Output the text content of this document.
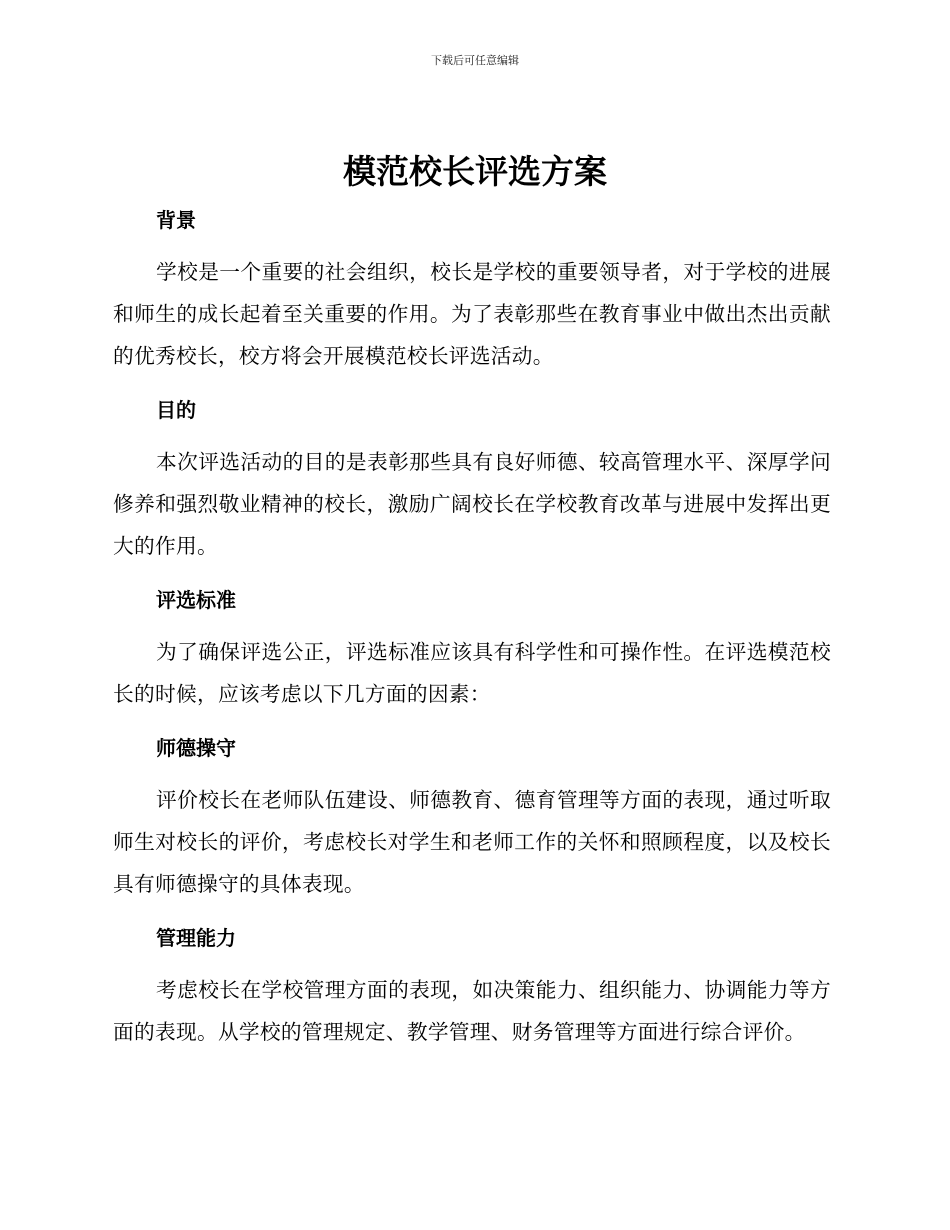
下载后可任意编辑
模范校长评选方案
背景

学校是一个重要的社会组织，校长是学校的重要领导者，对于学校的进展和师生的成长起着至关重要的作用。为了表彰那些在教育事业中做出杰出贡献的优秀校长，校方将会开展模范校长评选活动。

目的

本次评选活动的目的是表彰那些具有良好师德、较高管理水平、深厚学问修养和强烈敬业精神的校长，激励广阔校长在学校教育改革与进展中发挥出更大的作用。

评选标准

为了确保评选公正，评选标准应该具有科学性和可操作性。在评选模范校长的时候，应该考虑以下几方面的因素：

师德操守

评价校长在老师队伍建设、师德教育、德育管理等方面的表现，通过听取师生对校长的评价，考虑校长对学生和老师工作的关怀和照顾程度，以及校长具有师德操守的具体表现。

管理能力

考虑校长在学校管理方面的表现，如决策能力、组织能力、协调能力等方面的表现。从学校的管理规定、教学管理、财务管理等方面进行综合评价。
